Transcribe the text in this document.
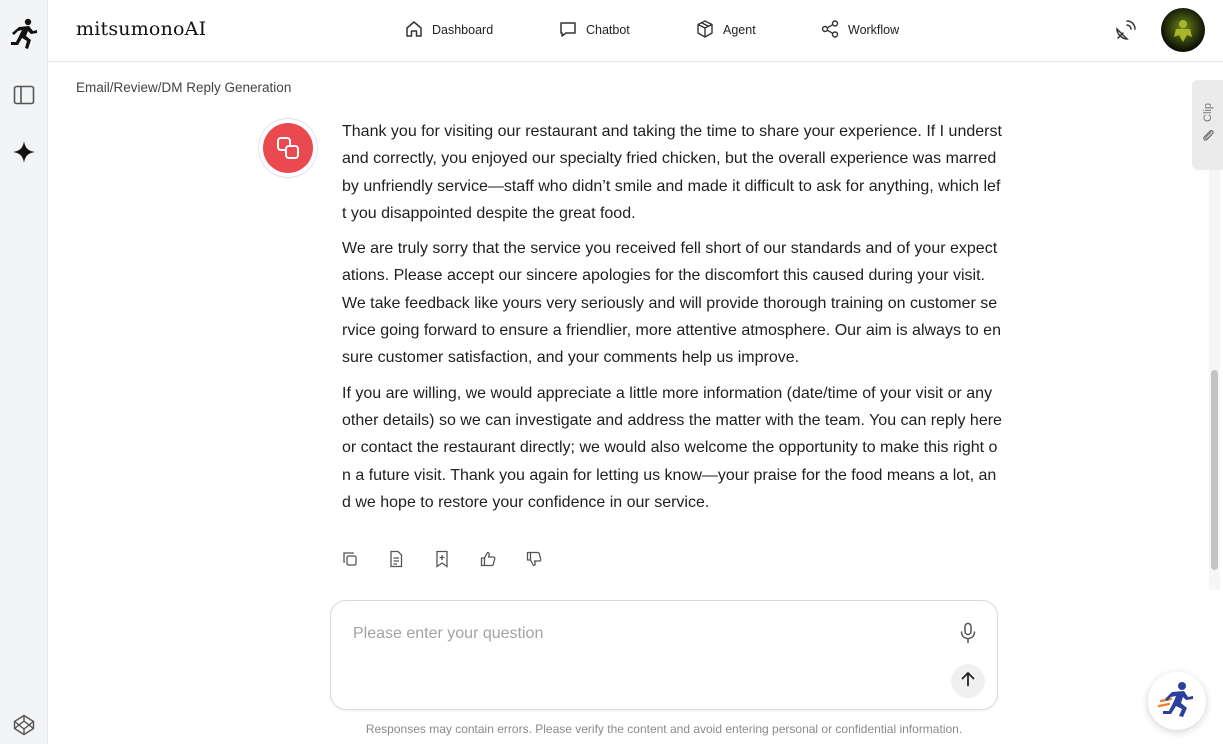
mitsumonoAI	Dashboard	Chatbot	Agent	Workflow
Email/Review/DM Reply Generation

Thank you for visiting our restaurant and taking the time to share your experience. If I understand correctly, you enjoyed our specialty fried chicken, but the overall experience was marred by unfriendly service—staff who didn’t smile and made it difficult to ask for anything, which left you disappointed despite the great food.

We are truly sorry that the service you received fell short of our standards and of your expectations. Please accept our sincere apologies for the discomfort this caused during your visit. We take feedback like yours very seriously and will provide thorough training on customer service going forward to ensure a friendlier, more attentive atmosphere. Our aim is always to ensure customer satisfaction, and your comments help us improve.

If you are willing, we would appreciate a little more information (date/time of your visit or any other details) so we can investigate and address the matter with the team. You can reply here or contact the restaurant directly; we would also welcome the opportunity to make this right on a future visit. Thank you again for letting us know—your praise for the food means a lot, and we hope to restore your confidence in our service.

Clip
Please enter your question
Responses may contain errors. Please verify the content and avoid entering personal or confidential information.
